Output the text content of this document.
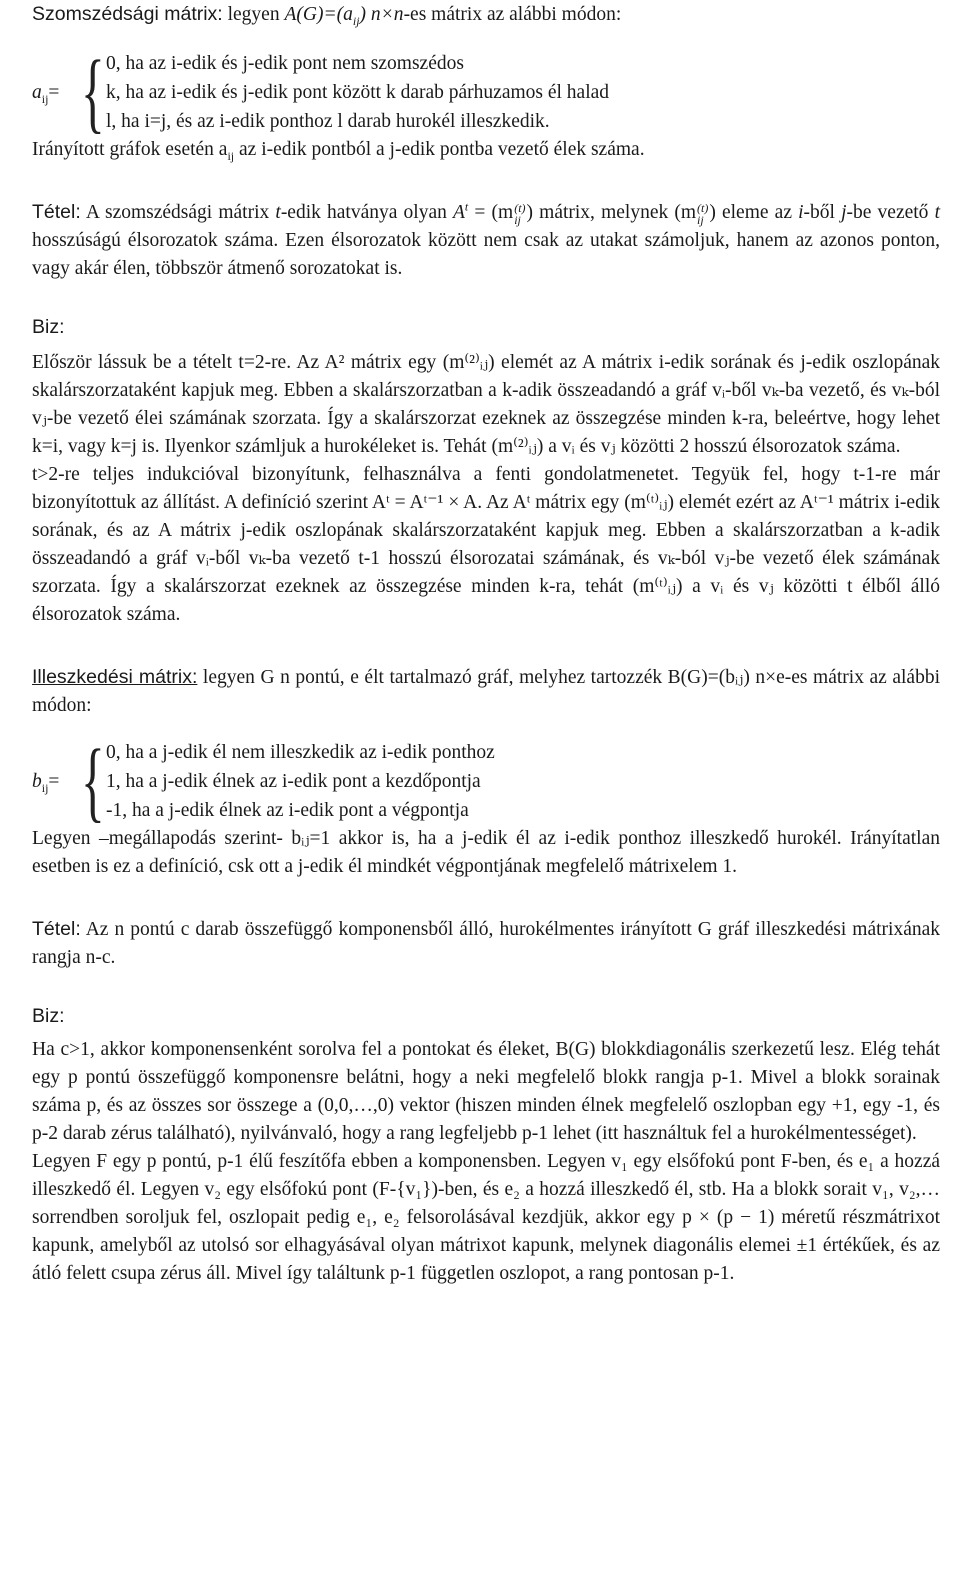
Szomszédsági mátrix: legyen $A(G)=(a_{ij})$ n×n-es mátrix az alábbi módon:

$a_{ij}=$ { 0, ha az i-edik és j-edik pont nem szomszédos

k, ha az i-edik és j-edik pont között k darab párhuzamos él halad

l, ha i=j, és az i-edik ponthoz l darab hurokél illeszkedik.

Irányított gráfok esetén $a_{ij}$ az i-edik pontból a j-edik pontba vezető élek száma.

Tétel: A szomszédsági mátrix t-edik hatványa olyan $A^t = (m$ (t)
ij ) mátrix, melynek (m (t)
ij ) eleme az i-ből j-be vezető t hosszúságú élsorozatok száma. Ezen élsorozatok között nem csak az utakat számoljuk, hanem az azonos ponton, vagy akár élen, többször átmenő sorozatokat is.

Biz:

Először lássuk be a tételt t=2-re. Az A² mátrix egy (m⁽²⁾ᵢⱼ) elemét az A mátrix i-edik sorának és j-edik oszlopának skalárszorzataként kapjuk meg. Ebben a skalárszorzatban a k-adik összeadandó a gráf vᵢ-ből vₖ-ba vezető, és vₖ-ból vⱼ-be vezető élei számának szorzata. Így a skalárszorzat ezeknek az összegzése minden k-ra, beleértve, hogy lehet k=i, vagy k=j is. Ilyenkor számljuk a hurokéleket is. Tehát (m⁽²⁾ᵢⱼ) a vᵢ és vⱼ közötti 2 hosszú élsorozatok száma.

t>2-re teljes indukcióval bizonyítunk, felhasználva a fenti gondolatmenetet. Tegyük fel, hogy t-1-re már bizonyítottuk az állítást. A definíció szerint Aᵗ = Aᵗ⁻¹ × A. Az Aᵗ mátrix egy (m⁽ᵗ⁾ᵢⱼ) elemét ezért az Aᵗ⁻¹ mátrix i-edik sorának, és az A mátrix j-edik oszlopának skalárszorzataként kapjuk meg. Ebben a skalárszorzatban a k-adik összeadandó a gráf vᵢ-ből vₖ-ba vezető t-1 hosszú élsorozatai számának, és vₖ-ból vⱼ-be vezető élek számának szorzata. Így a skalárszorzat ezeknek az összegzése minden k-ra, tehát (m⁽ᵗ⁾ᵢⱼ) a vᵢ és vⱼ közötti t élből álló élsorozatok száma.

Illeszkedési mátrix: legyen G n pontú, e élt tartalmazó gráf, melyhez tartozzék B(G)=(bᵢⱼ) n×e-es mátrix az alábbi módon:

$b_{ij}=$ { 0, ha a j-edik él nem illeszkedik az i-edik ponthoz

1, ha a j-edik élnek az i-edik pont a kezdőpontja

-1, ha a j-edik élnek az i-edik pont a végpontja

Legyen –megállapodás szerint- bᵢⱼ=1 akkor is, ha a j-edik él az i-edik ponthoz illeszkedő hurokél. Irányítatlan esetben is ez a definíció, csk ott a j-edik él mindkét végpontjának megfelelő mátrixelem 1.

Tétel: Az n pontú c darab összefüggő komponensből álló, hurokélmentes irányított G gráf illeszkedési mátrixának rangja n-c.

Biz:

Ha c>1, akkor komponensenként sorolva fel a pontokat és éleket, B(G) blokkdiagonális szerkezetű lesz. Elég tehát egy p pontú összefüggő komponensre belátni, hogy a neki megfelelő blokk rangja p-1. Mivel a blokk sorainak száma p, és az összes sor összege a (0,0,…,0) vektor (hiszen minden élnek megfelelő oszlopban egy +1, egy -1, és p-2 darab zérus található), nyilvánvaló, hogy a rang legfeljebb p-1 lehet (itt használtuk fel a hurokélmentességet).

Legyen F egy p pontú, p-1 élű feszítőfa ebben a komponensben. Legyen v₁ egy elsőfokú pont F-ben, és e₁ a hozzá illeszkedő él. Legyen v₂ egy elsőfokú pont (F-{v₁})-ben, és e₂ a hozzá illeszkedő él, stb. Ha a blokk sorait v₁, v₂,… sorrendben soroljuk fel, oszlopait pedig e₁, e₂ felsorolásával kezdjük, akkor egy p × (p − 1) méretű részmátrixot kapunk, amelyből az utolsó sor elhagyásával olyan mátrixot kapunk, melynek diagonális elemei ±1 értékűek, és az átló felett csupa zérus áll. Mivel így találtunk p-1 független oszlopot, a rang pontosan p-1.
